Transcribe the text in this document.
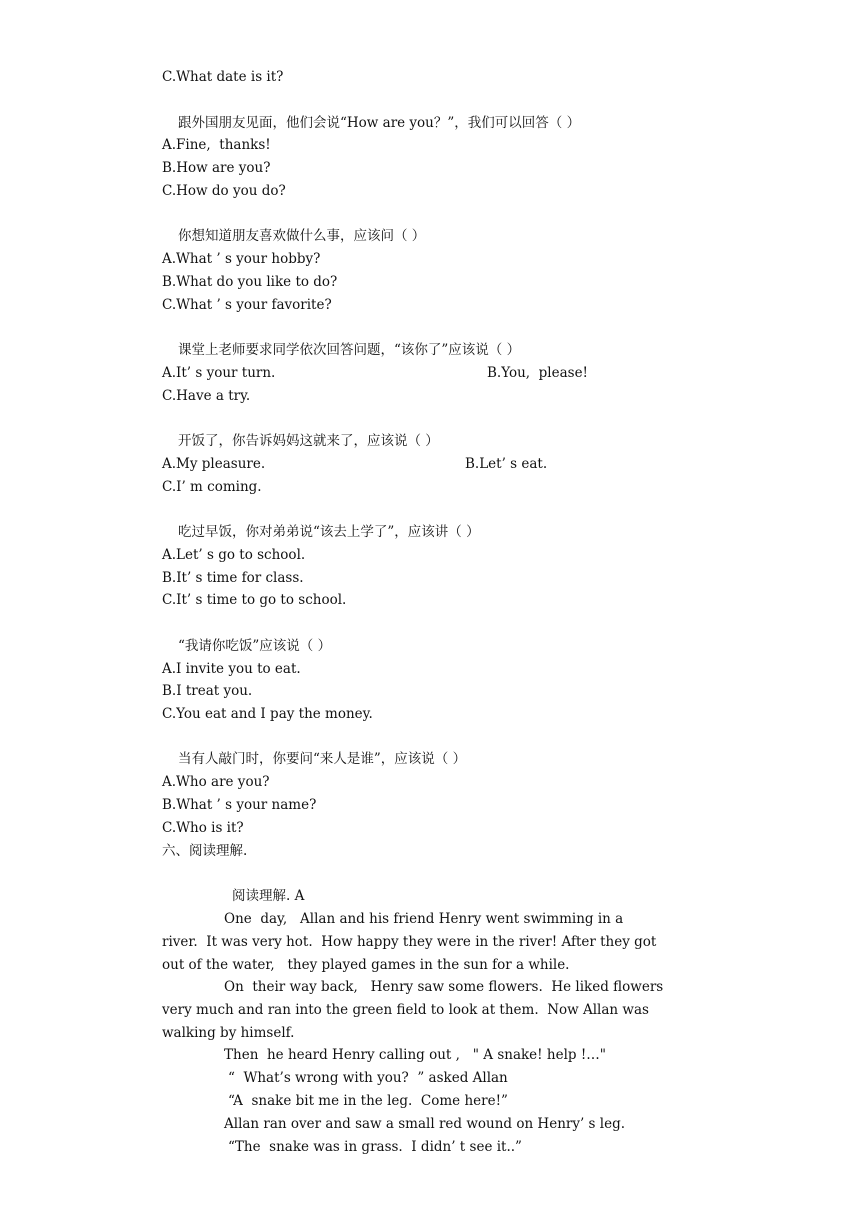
C.What date is it?
跟外国朋友见面，他们会说“How are you？”，我们可以回答（ ）
A.Fine,  thanks!
B.How are you?
C.How do you do?
你想知道朋友喜欢做什么事，应该问（ ）
A.What ’ s your hobby?
B.What do you like to do?
C.What ’ s your favorite?
课堂上老师要求同学依次回答问题，“该你了”应该说（ ）
A.It’ s your turn.	B.You,  please!
C.Have a try.
开饭了，你告诉妈妈这就来了，应该说（ ）
A.My pleasure.	B.Let’ s eat.
C.I’ m coming.
吃过早饭，你对弟弟说“该去上学了”，应该讲（ ）
A.Let’ s go to school.
B.It’ s time for class.
C.It’ s time to go to school.
“我请你吃饭”应该说（ ）
A.I invite you to eat.
B.I treat you.
C.You eat and I pay the money.
当有人敲门时，你要问“来人是谁”，应该说（ ）
A.Who are you?
B.What ’ s your name?
C.Who is it?
六、阅读理解.
阅读理解. A
One  day,   Allan and his friend Henry went swimming in a
river.  It was very hot.  How happy they were in the river! After they got
out of the water,   they played games in the sun for a while.
On  their way back,   Henry saw some flowers.  He liked flowers
very much and ran into the green field to look at them.  Now Allan was
walking by himself.
Then  he heard Henry calling out ,   " A snake! help !…"
“  What’s wrong with you?  ” asked Allan
“A  snake bit me in the leg.  Come here!”
Allan ran over and saw a small red wound on Henry’ s leg.
“The  snake was in grass.  I didn’ t see it..”
